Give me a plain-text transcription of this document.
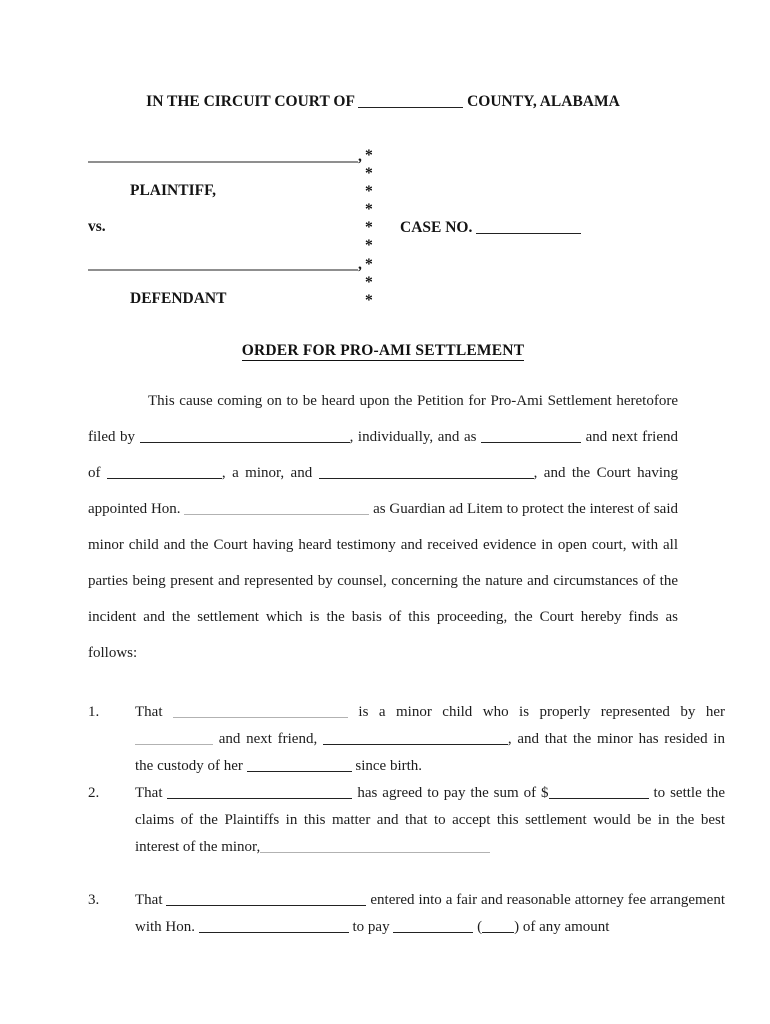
IN THE CIRCUIT COURT OF	COUNTY, ALABAMA
,
PLAINTIFF,
vs.
,
DEFENDANT
*
*
*
*
*
*
*
*
*
CASE NO.
ORDER FOR PRO-AMI SETTLEMENT
This cause coming on to be heard upon the Petition for Pro-Ami Settlement heretofore filed by	, individually, and as	and next friend of	, a minor, and	, and the Court having appointed Hon.	as Guardian ad Litem to protect the interest of said minor child and the Court having heard testimony and received evidence in open court, with all parties being present and represented by counsel, concerning the nature and circumstances of the incident and the settlement which is the basis of this proceeding, the Court hereby finds as follows:
1.	That	is a minor child who is properly represented by her  and next friend,	, and that the minor has resided in the custody of her	since birth.
2.	That	has agreed to pay the sum of $	to settle the claims of the Plaintiffs in this matter and that to accept this settlement would be in the best interest of the minor,
3.	That	entered into a fair and reasonable attorney fee arrangement with Hon.	to pay	( ) of any amount
